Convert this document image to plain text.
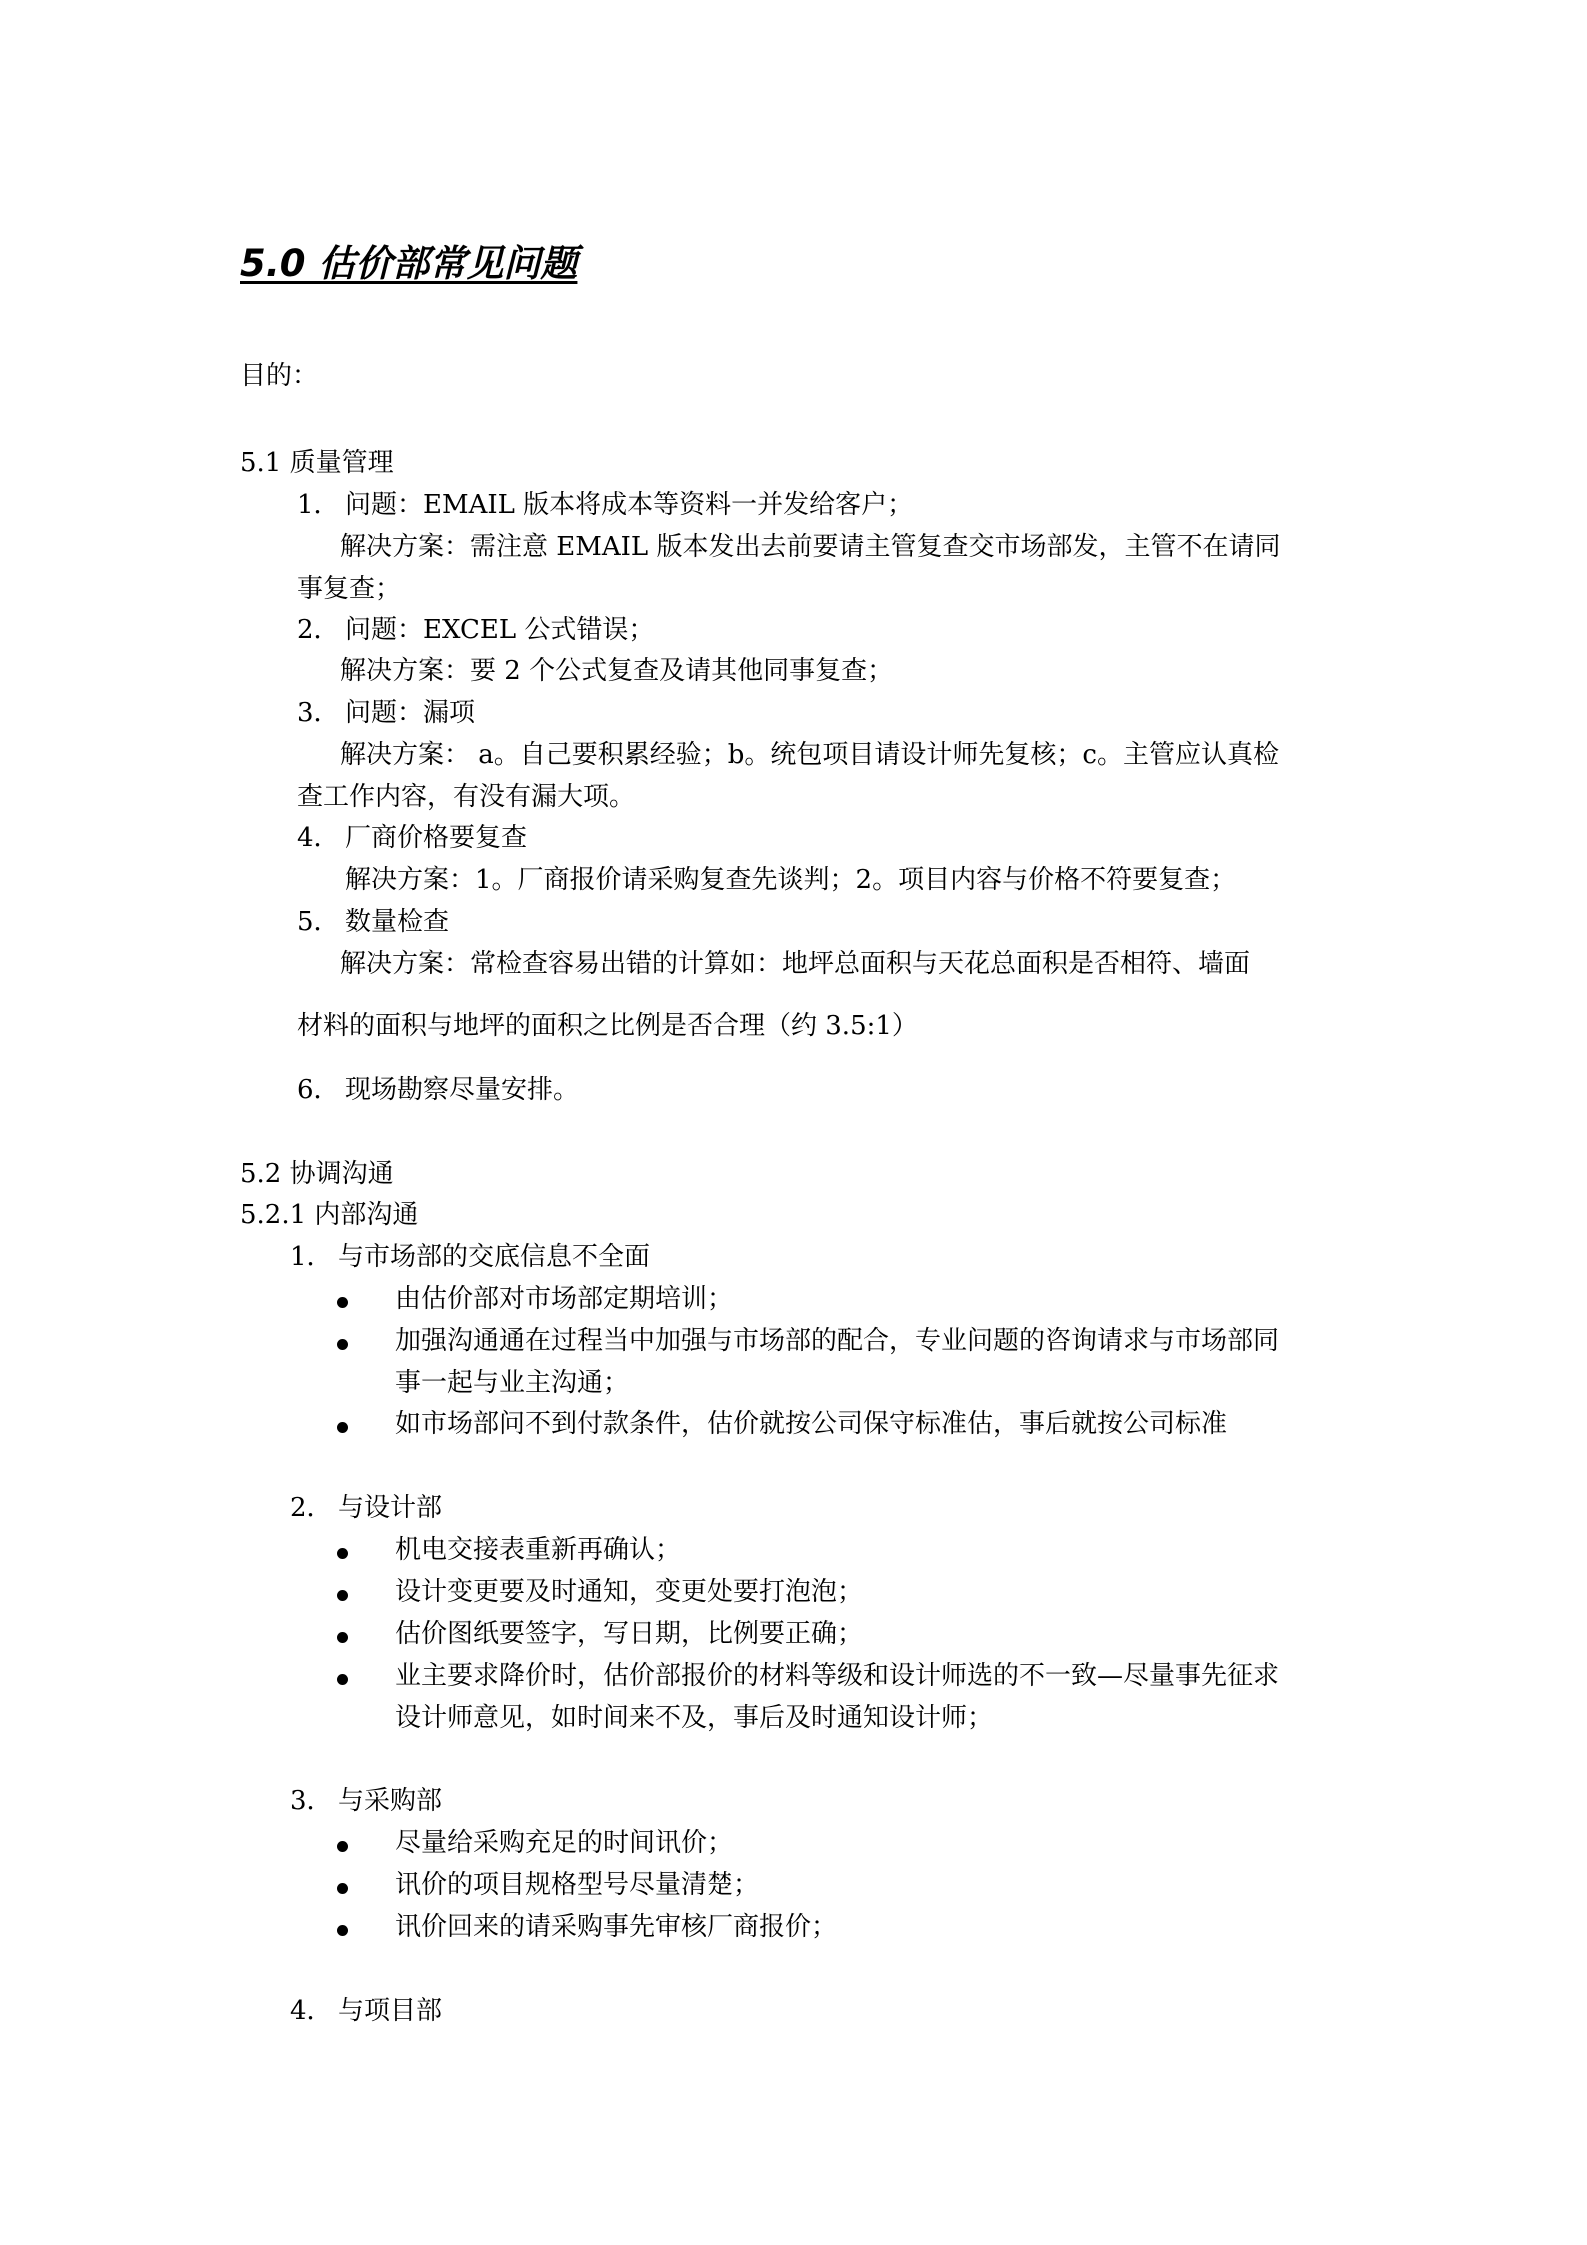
5.0 估价部常见问题
目的：
5.1 质量管理
1． 问题：EMAIL 版本将成本等资料一并发给客户；
解决方案：需注意 EMAIL 版本发出去前要请主管复查交市场部发，主管不在请同
事复查；
2． 问题：EXCEL 公式错误；
解决方案：要 2 个公式复查及请其他同事复查；
3． 问题：漏项
解决方案： a。自己要积累经验；b。统包项目请设计师先复核；c。主管应认真检
查工作内容，有没有漏大项。
4． 厂商价格要复查
解决方案：1。厂商报价请采购复查先谈判；2。项目内容与价格不符要复查；
5． 数量检查
解决方案：常检查容易出错的计算如：地坪总面积与天花总面积是否相符、墙面
材料的面积与地坪的面积之比例是否合理（约 3.5:1）
6． 现场勘察尽量安排。
5.2 协调沟通
5.2.1 内部沟通
1． 与市场部的交底信息不全面
由估价部对市场部定期培训；
加强沟通通在过程当中加强与市场部的配合，专业问题的咨询请求与市场部同
事一起与业主沟通；
如市场部问不到付款条件，估价就按公司保守标准估，事后就按公司标准
2． 与设计部
机电交接表重新再确认；
设计变更要及时通知，变更处要打泡泡；
估价图纸要签字，写日期，比例要正确；
业主要求降价时，估价部报价的材料等级和设计师选的不一致—尽量事先征求
设计师意见，如时间来不及，事后及时通知设计师；
3． 与采购部
尽量给采购充足的时间讯价；
讯价的项目规格型号尽量清楚；
讯价回来的请采购事先审核厂商报价；
4． 与项目部
